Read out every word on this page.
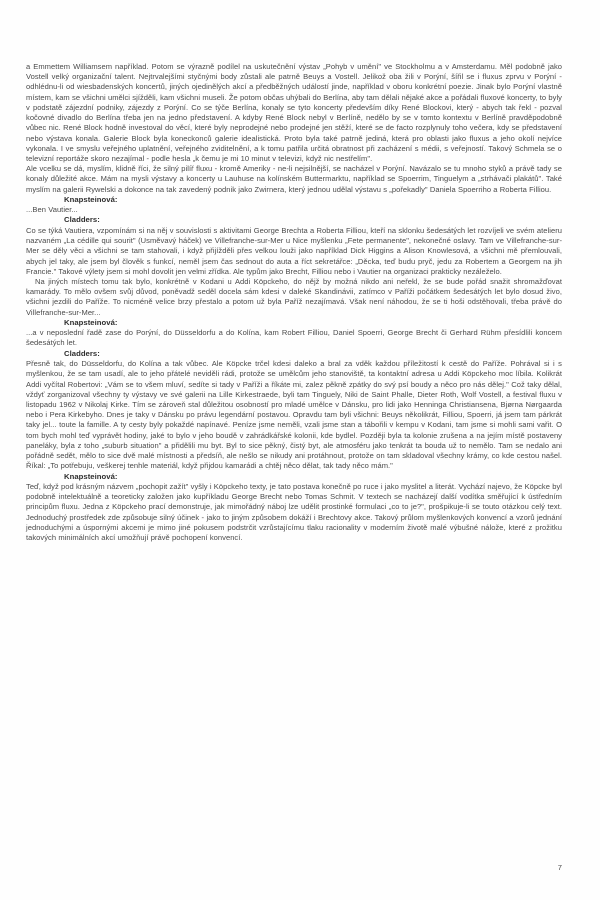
a Emmettem Williamsem například. Potom se výrazně podílel na uskutečnění výstav „Pohyb v umění" ve Stockholmu a v Amsterdamu. Měl podobně jako Vostell velký organizační talent. Nejtrvalejšími styčnými body zůstali ale patrně Beuys a Vostell. Jelikož oba žili v Porýní, šířil se i fluxus zprvu v Porýní - odhlédnu-li od wiesbadenských koncertů, jiných ojedinělých akcí a předběžných událostí jinde, například v oboru konkrétní poezie. Jinak bylo Porýní vlastně místem, kam se všichni umělci sjížděli, kam všichni museli. Že potom občas uhýbali do Berlína, aby tam dělali nějaké akce a pořádali fluxové koncerty, to byly v podstatě zájezdní podniky, zájezdy z Porýní. Co se týče Berlína, konaly se tyto koncerty především díky René Blockovi, který - abych tak řekl - pozval kočovné divadlo do Berlína třeba jen na jedno představení. A kdyby René Block nebyl v Berlíně, nedělo by se v tomto kontextu v Berlíně pravděpodobně vůbec nic. René Block hodně investoval do věcí, které byly neprodejné nebo prodejné jen stěží, které se de facto rozplynuly toho večera, kdy se představení nebo výstava konala. Galerie Block byla koneckonců galerie idealistická. Proto byla také patrně jediná, která pro oblasti jako fluxus a jeho okolí nejvíce vykonala. I ve smyslu veřejného uplatnění, veřejného zviditelnění, a k tomu patřila určitá obratnost při zacházení s médii, s veřejností. Takový Schmela se o televizní reportáže skoro nezajímal - podle hesla „k čemu je mi 10 minut v televizi, když nic nestřelím".

Ale vcelku se dá, myslím, klidně říci, že silný pilíř fluxu - kromě Ameriky - ne-li nejsilnější, se nacházel v Porýní. Navázalo se tu mnoho styků a právě tady se konaly důležité akce. Mám na mysli výstavy a koncerty u Lauhuse na kolínském Buttermarktu, například se Spoerrim, Tinguelym a „strhávači plakátů". Také myslím na galerii Rywelski a dokonce na tak zavedený podnik jako Zwirnera, který jednou udělal výstavu s „pořekadly" Daniela Spoerriho a Roberta Filliou.

Knapsteinová:

...Ben Vautier...

Cladders:

Co se týká Vautiera, vzpomínám si na něj v souvislosti s aktivitami George Brechta a Roberta Filliou, kteří na sklonku šedesátých let rozvíjeli ve svém atelieru nazvaném „La cédille qui sourit" (Usměvavý háček) ve Villefranche-sur-Mer u Nice myšlenku „Fete permanente", nekonečné oslavy. Tam ve Villefranche-sur-Mer se děly věci a všichni se tam stahovali, i když přijížděli přes velkou louži jako například Dick Higgins a Alison Knowlesová, a všichni mě přemlouvali, abych jel taky, ale jsem byl člověk s funkcí, neměl jsem čas sednout do auta a říct sekretářce: „Děcka, teď budu pryč, jedu za Robertem a Georgem na jih Francie." Takové výlety jsem si mohl dovolit jen velmi zřídka. Ale typům jako Brecht, Filliou nebo i Vautier na organizaci prakticky nezáleželo.

Na jiných místech tomu tak bylo, konkrétně v Kodani u Addi Köpckeho, do nějž by možná nikdo ani neřekl, že se bude pořád snažit shromažďovat kamarády. To mělo ovšem svůj důvod, poněvadž seděl docela sám kdesi v daleké Skandinávii, zatímco v Paříži počátkem šedesátých let bylo dosud živo, všichni jezdili do Paříže. To nicméně velice brzy přestalo a potom už byla Paříž nezajímavá. Však není náhodou, že se ti hoši odstěhovali, třeba právě do Villefranche-sur-Mer...

Knapsteinová:

...a v neposlední řadě zase do Porýní, do Düsseldorfu a do Kolína, kam Robert Filliou, Daniel Spoerri, George Brecht či Gerhard Rühm přesídlili koncem šedesátých let.

Cladders:

Přesně tak, do Düsseldorfu, do Kolína a tak vůbec. Ale Köpcke trčel kdesi daleko a bral za vděk každou příležitostí k cestě do Paříže. Pohrával si i s myšlenkou, že se tam usadí, ale to jeho přátelé neviděli rádi, protože se umělcům jeho stanoviště, ta kontaktní adresa u Addi Köpckeho moc líbila. Kolikrát Addi vyčítal Robertovi: „Vám se to všem mluví, sedíte si tady v Paříži a říkáte mi, zalez pěkně zpátky do svý psí boudy a něco pro nás dělej." Což taky dělal, vždyť zorganizoval všechny ty výstavy ve své galerii na Lille Kirkestraede, byli tam Tinguely, Niki de Saint Phalle, Dieter Roth, Wolf Vostell, a festival fluxu v listopadu 1962 v Nikolaj Kirke. Tím se zároveň stal důležitou osobností pro mladé umělce v Dánsku, pro lidi jako Henninga Christiansena, Bjørna Nørgaarda nebo i Pera Kirkebyho. Dnes je taky v Dánsku po právu legendární postavou. Opravdu tam byli všichni: Beuys několikrát, Filliou, Spoerri, já jsem tam párkrát taky jel... toute la famille. A ty cesty byly pokaždé napínavé. Peníze jsme neměli, vzali jsme stan a tábořili v kempu v Kodani, tam jsme si mohli sami vařit. O tom bych mohl teď vyprávět hodiny, jaké to bylo v jeho boudě v zahrádkářské kolonii, kde bydlel. Později byla ta kolonie zrušena a na jejím místě postaveny paneláky, byla z toho „suburb situation" a přidělili mu byt. Byl to sice pěkný, čistý byt, ale atmosféru jako tenkrát ta bouda už to nemělo. Tam se nedalo ani pořádně sedět, mělo to sice dvě malé místnosti a předsíň, ale nešlo se nikudy ani protáhnout, protože on tam skladoval všechny krámy, co kde cestou našel. Říkal: „To potřebuju, veškerej tenhle materiál, když přijdou kamarádi a chtěj něco dělat, tak tady něco mám."

Knapsteinová:

Teď, když pod krásným názvem „pochopit zažít" vyšly i Köpckeho texty, je tato postava konečně po ruce i jako myslitel a literát. Vychází najevo, že Köpcke byl podobně intelektuálně a teoreticky založen jako kupříkladu George Brecht nebo Tomas Schmit. V textech se nacházejí další vodítka směřující k ústředním principům fluxu. Jedna z Köpckeho prací demonstruje, jak mimořádný náboj lze udělit prostinké formulaci „co to je?", prošpikuje-li se touto otázkou celý text. Jednoduchý prostředek zde způsobuje silný účinek - jako to jiným způsobem dokáží i Brechtovy akce. Takový průlom myšlenkových konvencí a vzorů jednání jednoduchými a úspornými akcemi je mimo jiné pokusem podstrčit vzrůstajícímu tlaku racionality v moderním životě malé výbušné nálože, které z prožitku takových minimálních akcí umožňují právě pochopení konvencí.

7
